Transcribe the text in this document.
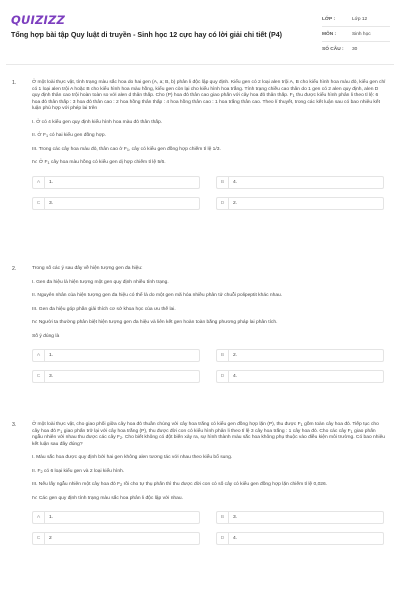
QUIZIZZ
Tổng hợp bài tập Quy luật di truyền - Sinh học 12 cực hay có lời giải chi tiết (P4)
LỚP :	Lớp 12
MÔN :	Sinh học
SỐ CÂU :	30
1.	Ở một loài thực vật, tính trạng màu sắc hoa do hai gen (A, a; B, b) phân li độc lập quy định. Kiểu gen có 2 loại alen trội A, B cho kiểu hình hoa màu đỏ, kiểu gen chỉ có 1 loại alen trội A hoặc B cho kiểu hình hoa màu hồng, kiểu gen còn lại cho kiểu hình hoa trắng. Tính trạng chiều cao thân do 1 gen có 2 alen quy định, alen D quy định thân cao trội hoàn toàn so với alen d thân thấp. Cho (P) hoa đỏ thân cao giao phấn với cây hoa đỏ thân thấp. $F_1$ thu được kiểu hình phân li theo tỉ lệ: 6 hoa đỏ thân thấp : 3 hoa đỏ thân cao : 2 hoa hồng thân thấp : 4 hoa hồng thân cao : 1 hoa trắng thân cao. Theo lí thuyết, trong các kết luận sau có bao nhiêu kết luận phù hợp với phép lai trên
I. Ở có 4 kiểu gen quy định kiểu hình hoa màu đỏ thân thấp.
II. Ở $F_1$ có hai kiểu gen đồng hợp.
III. Trong các cây hoa màu đỏ, thân cao ở $F_1$, cây có kiểu gen đồng hợp chiếm tỉ lệ 1/3.
IV. Ở $F_1$ cây hoa màu hồng có kiểu gen dị hợp chiếm tỉ lệ 5/6.
A	1.	B	4.
C	3.	D	2.
2.	Trong số các ý sau đây về hiện tượng gen đa hiệu:
I. Gen đa hiệu là hiện tượng một gen quy định nhiều tính trạng.
II. Nguyên nhân của hiện tượng gen đa hiệu có thể là do một gen mã hóa nhiều phân tử chuỗi polipeptit khác nhau.
III. Gen đa hiệu góp phần giải thích cơ sở khoa học của ưu thế lai.
IV. Người ta thường phân biệt hiện tượng gen đa hiệu và liên kết gen hoàn toàn bằng phương pháp lai phân tích.
Số ý đúng là
A	1.	B	2.
C	3.	D	4.
3.	Ở một loài thực vật, cho giao phối giữa cây hoa đỏ thuần chủng với cây hoa trắng có kiểu gen đồng hợp lặn (P), thu được $F_1$ gồm toàn cây hoa đỏ. Tiếp tục cho cây hoa đỏ $F_1$ giao phấn trở lại với cây hoa trắng (P), thu được đời con có kiểu hình phân li theo tỉ lệ 3 cây hoa trắng : 1 cây hoa đỏ. Cho các cây $F_1$ giao phấn ngẫu nhiên với nhau thu được các cây $F_2$. Cho biết không có đột biến xảy ra, sự hình thành màu sắc hoa không phụ thuộc vào điều kiện môi trường. Có bao nhiêu kết luận sau đây đúng?
I. Màu sắc hoa được quy định bởi hai gen không alen tương tác với nhau theo kiểu bổ sung.
II. $F_2$ có 6 loại kiểu gen và 2 loại kiểu hình.
III. Nếu lấy ngẫu nhiên một cây hoa đỏ $F_2$ rồi cho tự thụ phấn thì thu được đời con có số cây có kiểu gen đồng hợp lặn chiếm tỉ lệ 0,026.
IV. Các gen quy định tính trạng màu sắc hoa phân li độc lập với nhau.
A	1.	B	3.
C	2	D	4.
